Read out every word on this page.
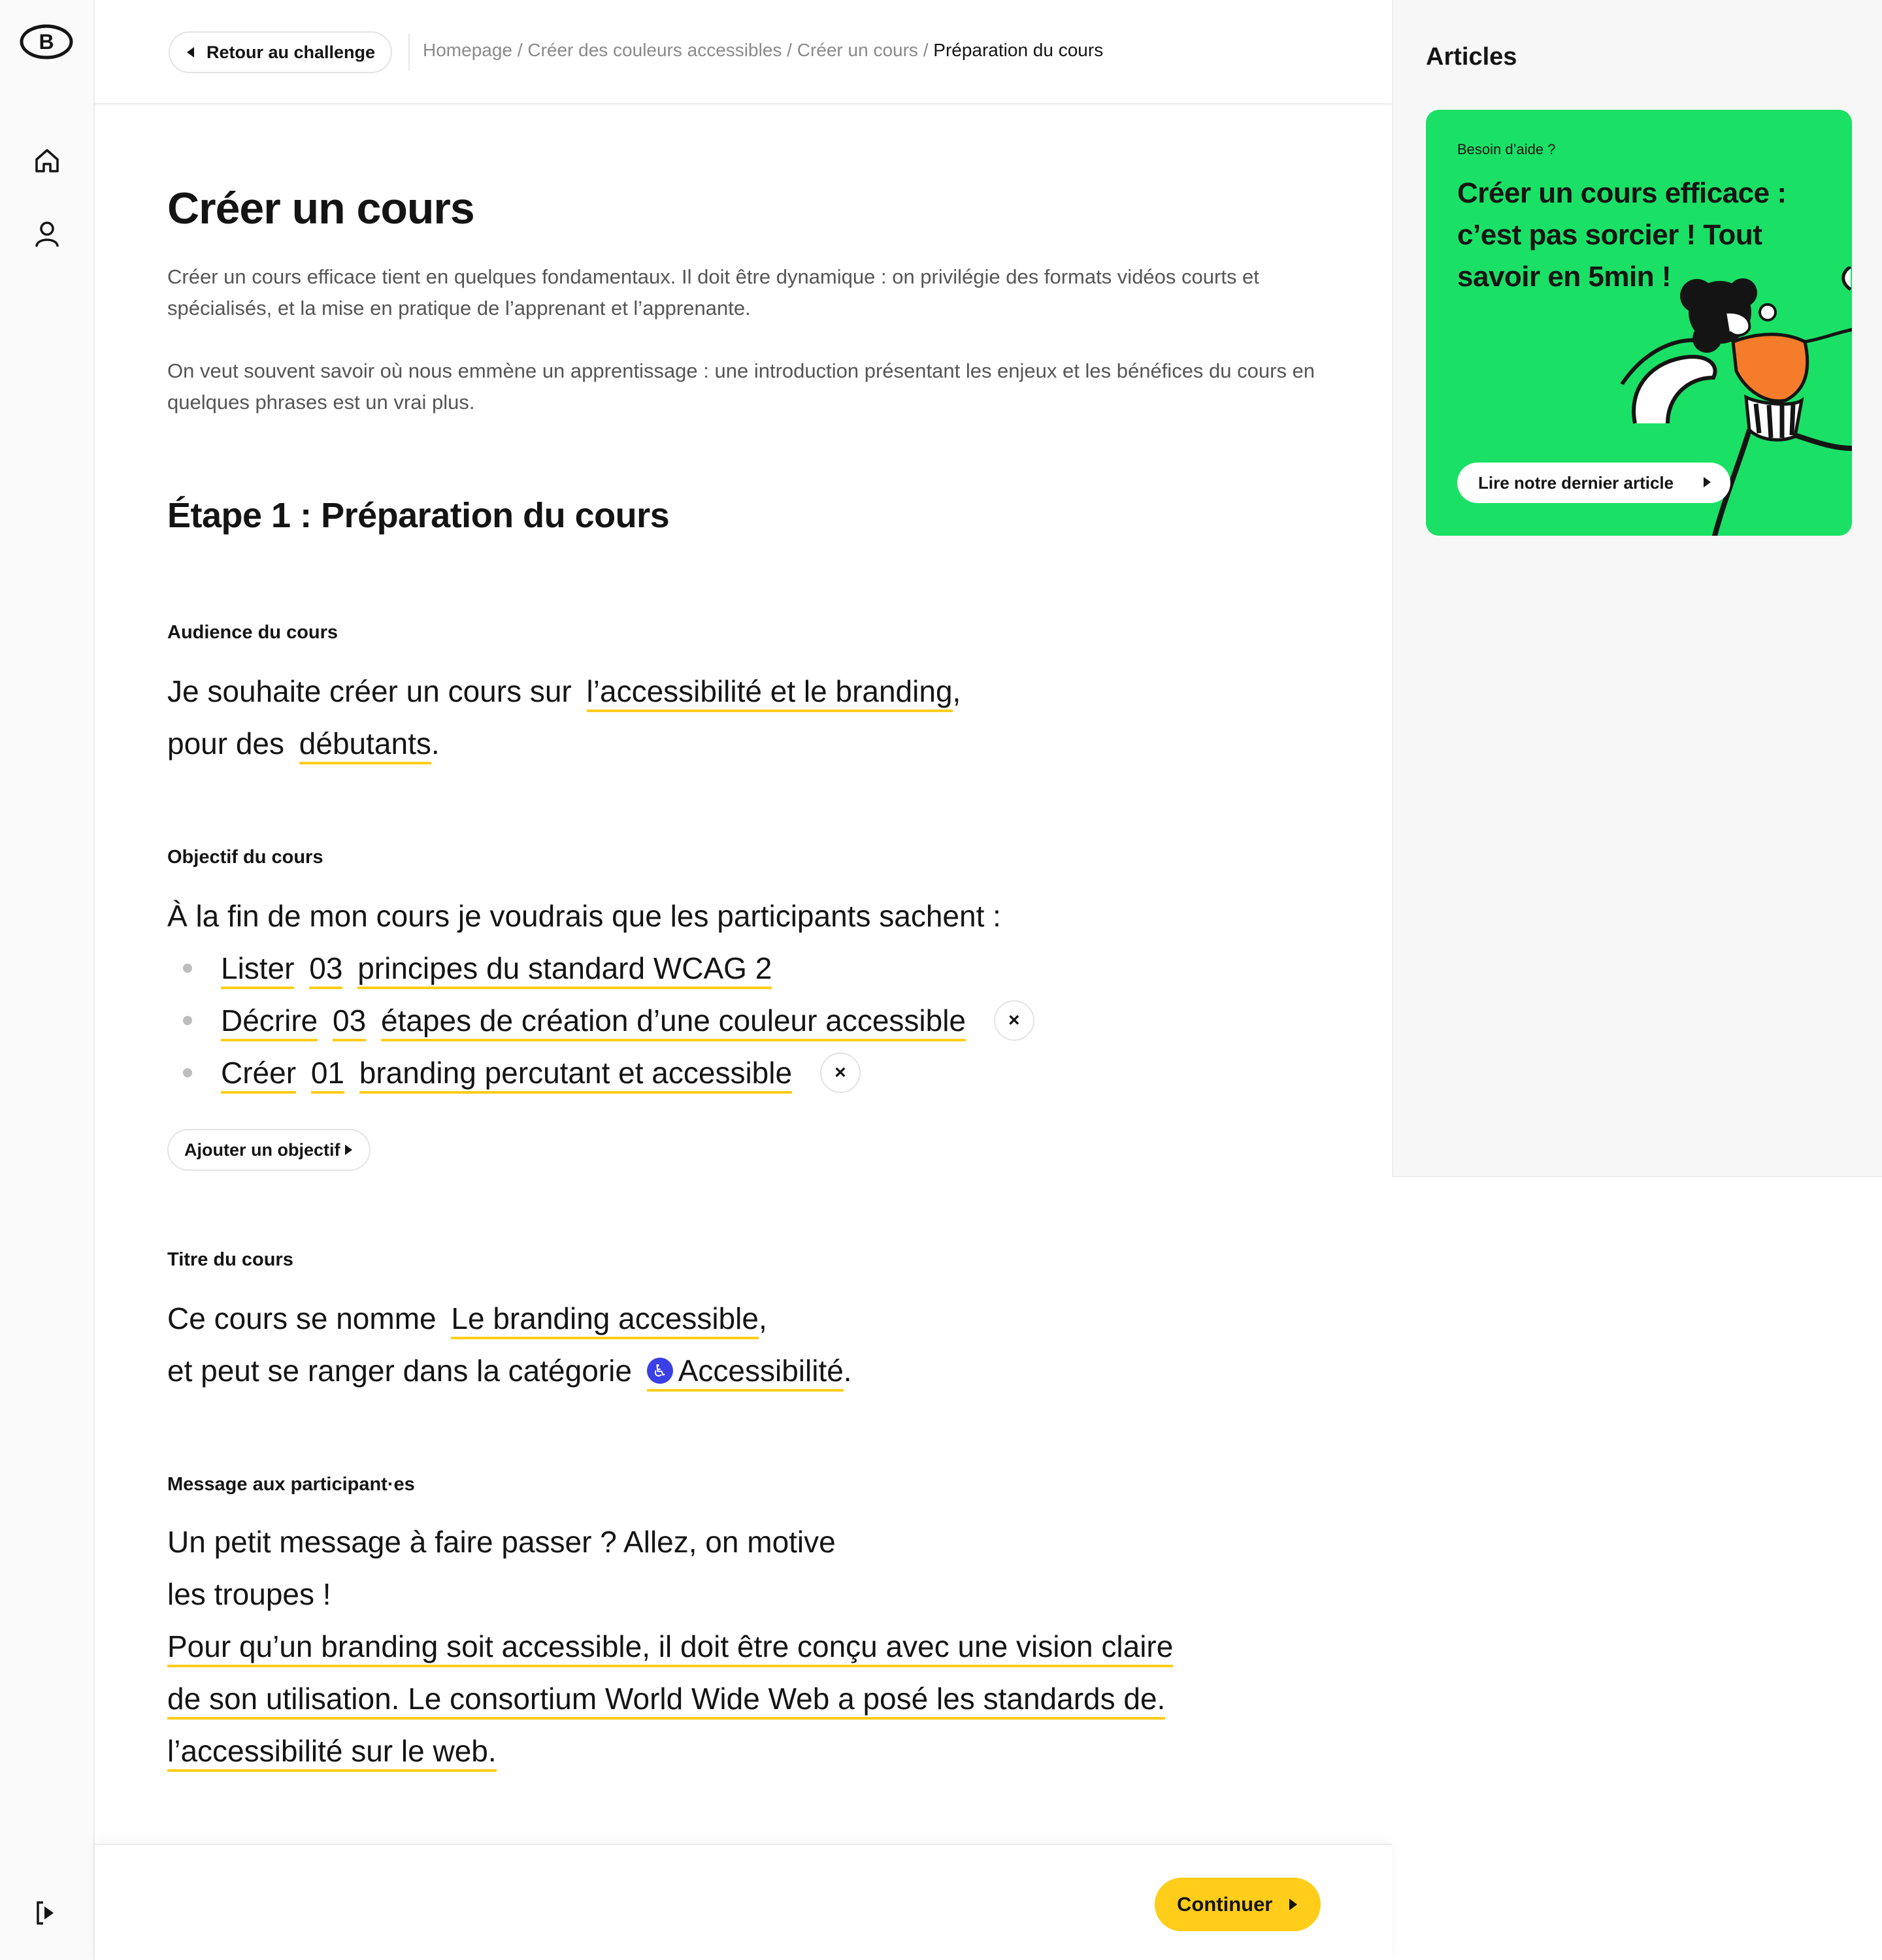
B	Retour au challenge	Homepage / Créer des couleurs accessibles / Créer un cours / Préparation du cours
Créer un cours

Créer un cours efficace tient en quelques fondamentaux. Il doit être dynamique : on privilégie des formats vidéos courts et spécialisés, et la mise en pratique de l’apprenant et l’apprenante.

On veut souvent savoir où nous emmène un apprentissage : une introduction présentant les enjeux et les bénéfices du cours en quelques phrases est un vrai plus.

Étape 1 : Préparation du cours
Audience du cours
Je souhaite créer un cours sur l’accessibilité et le branding,
pour des débutants.
Objectif du cours
À la fin de mon cours je voudrais que les participants sachent :
Lister 03 principes du standard WCAG 2
Décrire 03 étapes de création d’une couleur accessible ×
Créer 01 branding percutant et accessible ×
Ajouter un objectif
Titre du cours
Ce cours se nomme Le branding accessible,
et peut se ranger dans la catégorie ♿ Accessibilité.
Message aux participant·es
Un petit message à faire passer ? Allez, on motive
les troupes !
Pour qu’un branding soit accessible, il doit être conçu avec une vision claire
de son utilisation. Le consortium World Wide Web a posé les standards de.
l’accessibilité sur le web.
Continuer
Articles
Besoin d’aide ?
Créer un cours efficace : c’est pas sorcier ! Tout savoir en 5min !
Lire notre dernier article
